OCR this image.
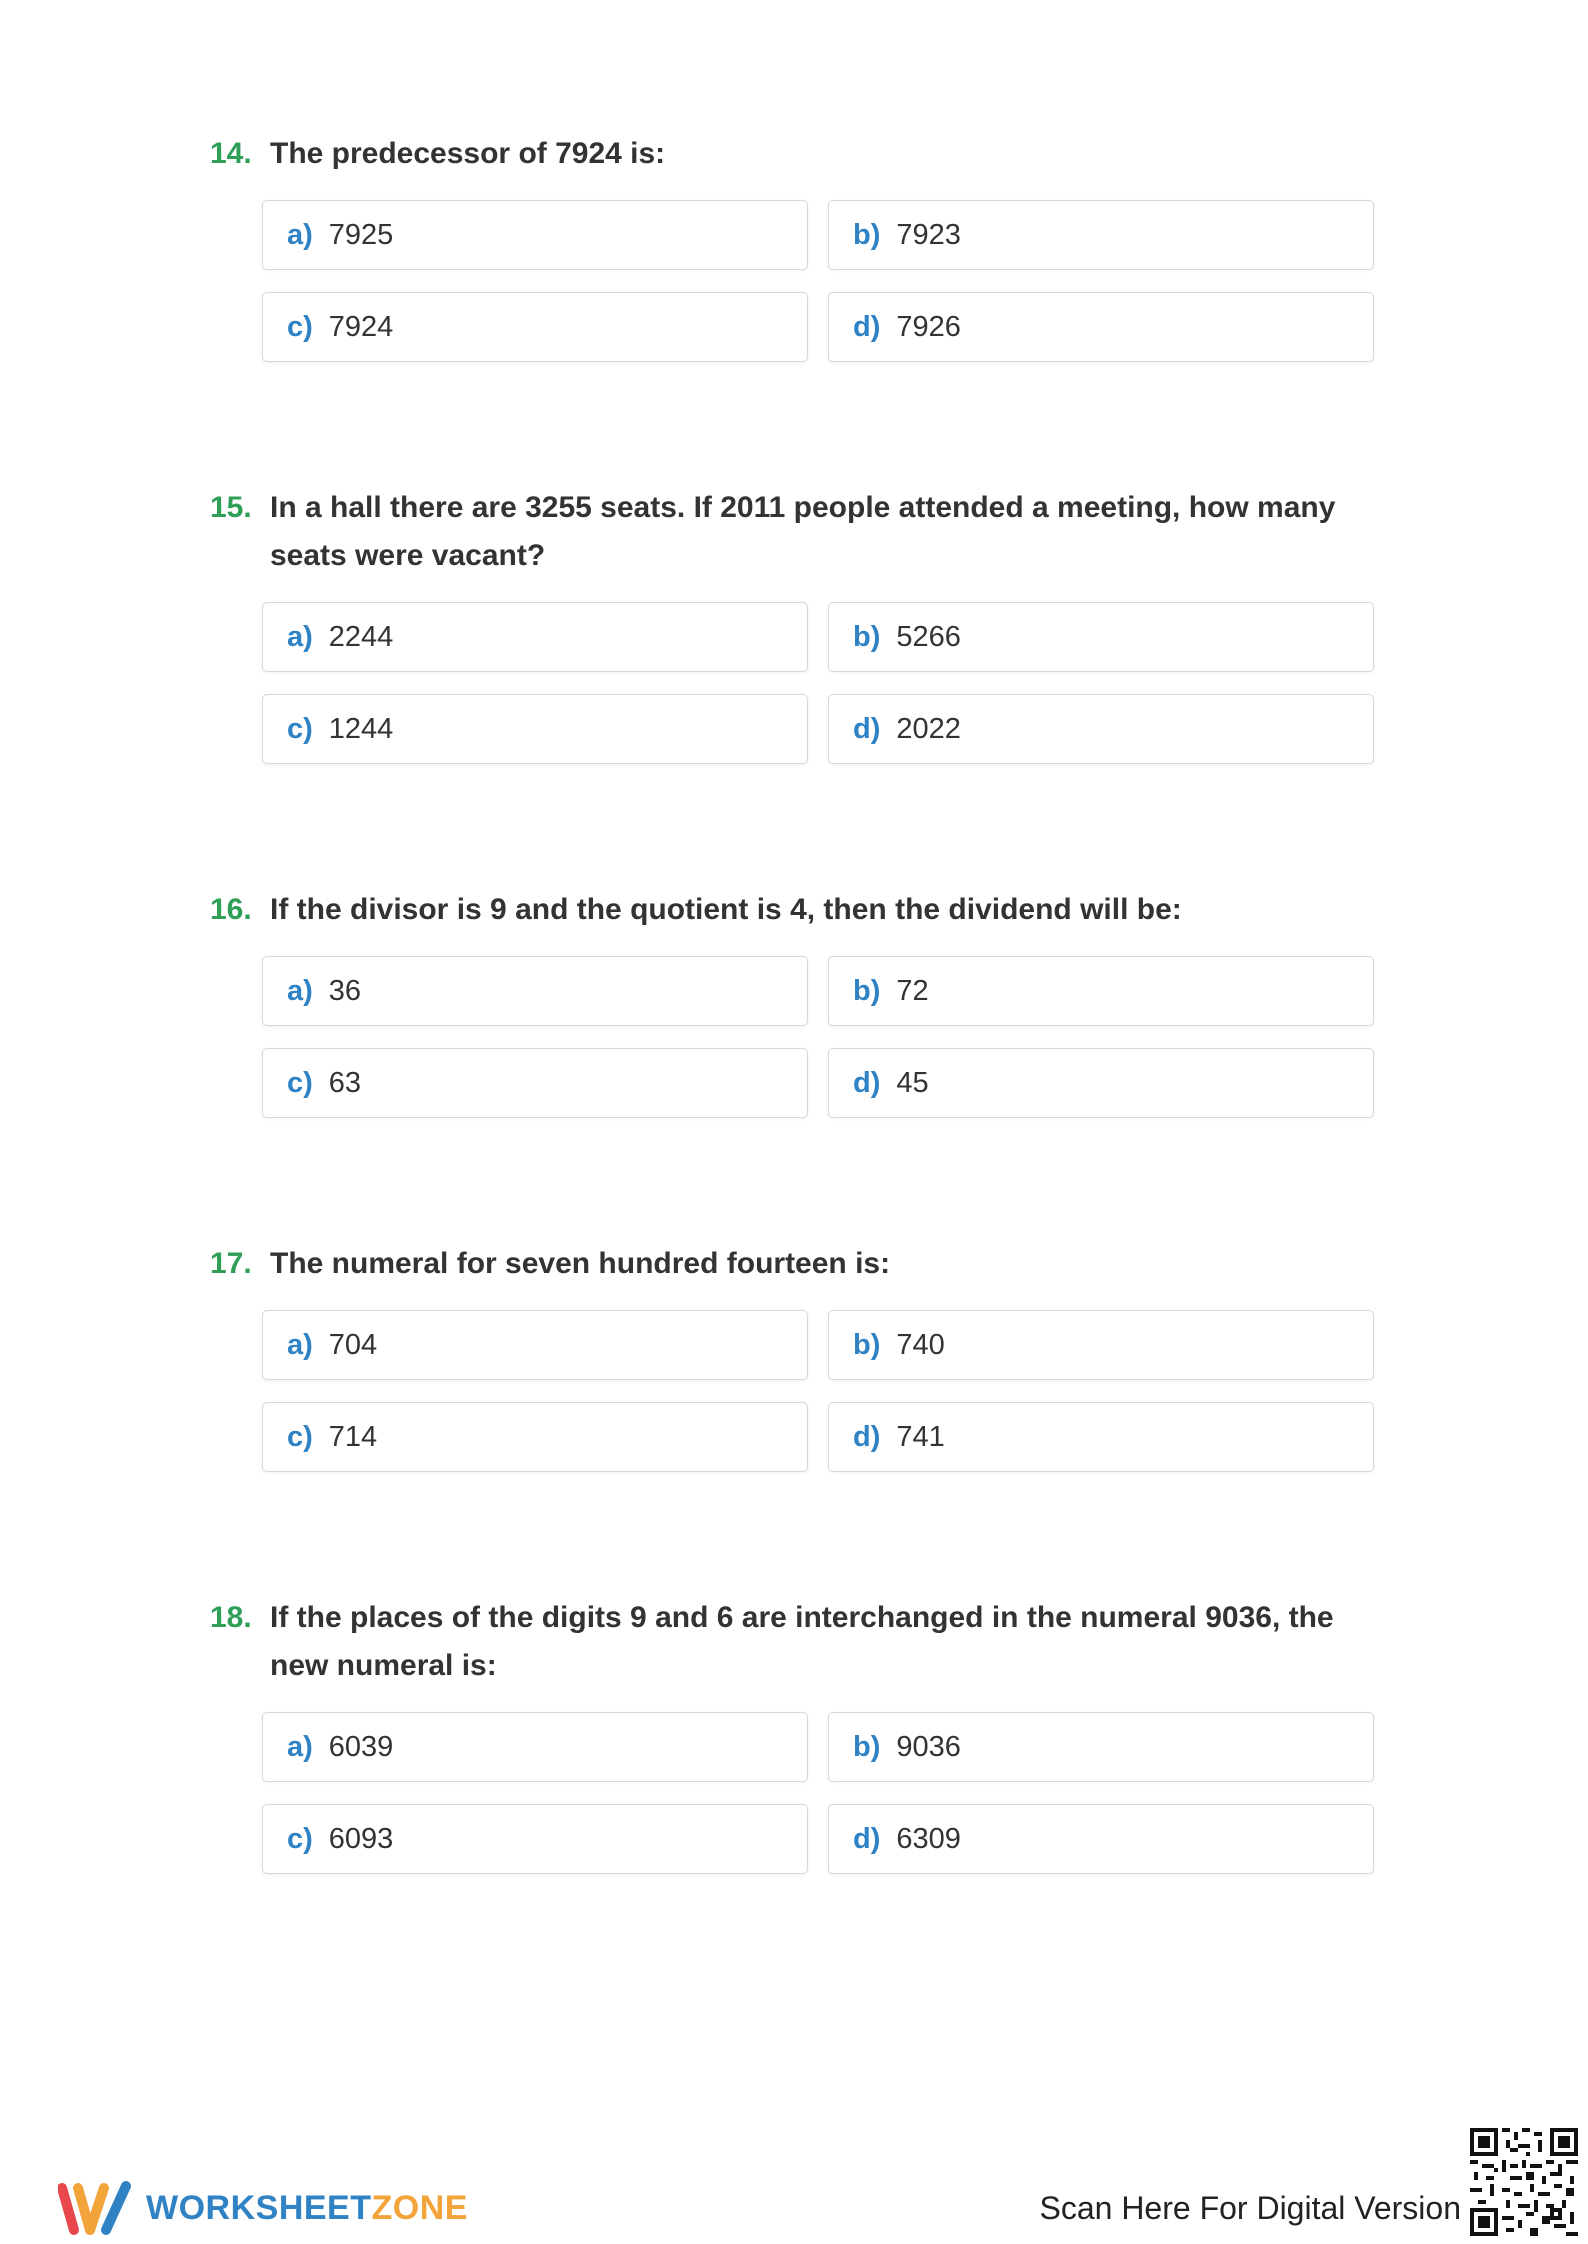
14. The predecessor of 7924 is:
a) 7925	b) 7923
c) 7924	d) 7926
15. In a hall there are 3255 seats. If 2011 people attended a meeting, how many seats were vacant?
a) 2244	b) 5266
c) 1244	d) 2022
16. If the divisor is 9 and the quotient is 4, then the dividend will be:
a) 36	b) 72
c) 63	d) 45
17. The numeral for seven hundred fourteen is:
a) 704	b) 740
c) 714	d) 741
18. If the places of the digits 9 and 6 are interchanged in the numeral 9036, the new numeral is:
a) 6039	b) 9036
c) 6093	d) 6309
WORKSHEETZONE	Scan Here For Digital Version
